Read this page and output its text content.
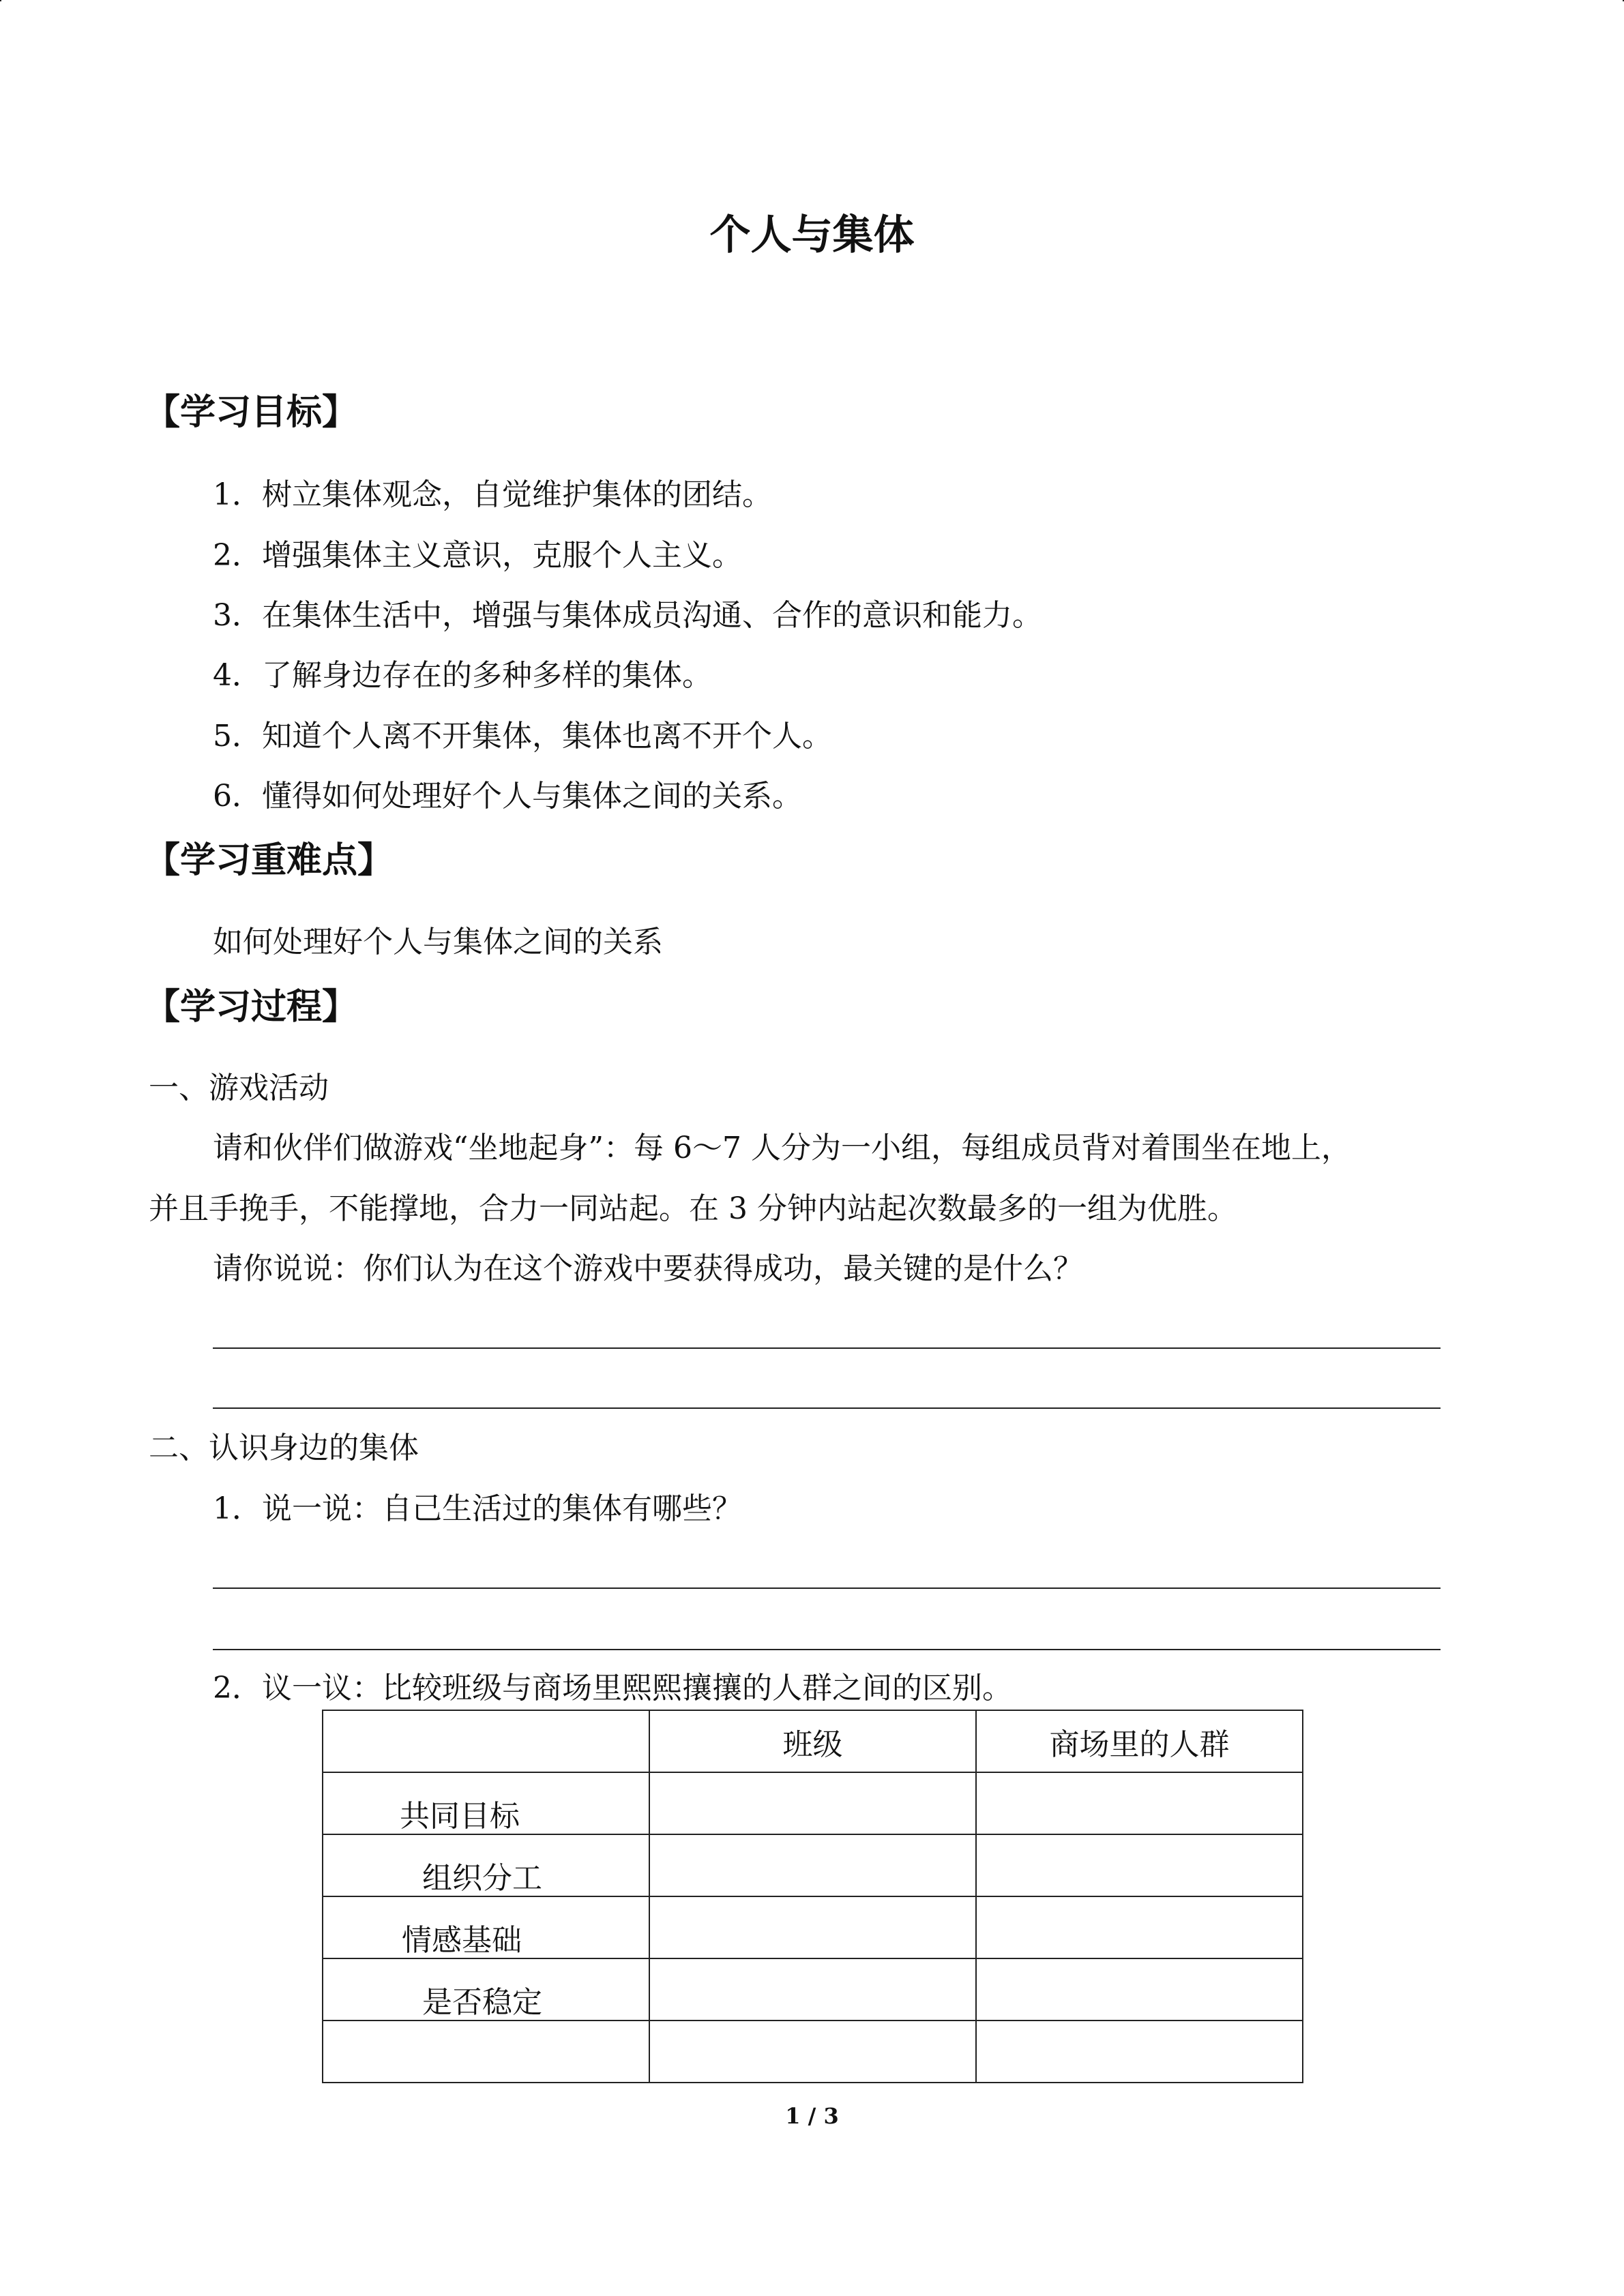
个人与集体
【学习目标】
1．树立集体观念，自觉维护集体的团结。
2．增强集体主义意识，克服个人主义。
3．在集体生活中，增强与集体成员沟通、合作的意识和能力。
4．了解身边存在的多种多样的集体。
5．知道个人离不开集体，集体也离不开个人。
6．懂得如何处理好个人与集体之间的关系。
【学习重难点】
如何处理好个人与集体之间的关系
【学习过程】
一、游戏活动
请和伙伴们做游戏“坐地起身”：每 6～7 人分为一小组，每组成员背对着围坐在地上，
并且手挽手，不能撑地，合力一同站起。在 3 分钟内站起次数最多的一组为优胜。
请你说说：你们认为在这个游戏中要获得成功，最关键的是什么？
二、认识身边的集体
1．说一说：自己生活过的集体有哪些？
2．议一议：比较班级与商场里熙熙攘攘的人群之间的区别。
	班级	商场里的人群
共同目标		
组织分工		
情感基础		
是否稳定		

1 / 3
